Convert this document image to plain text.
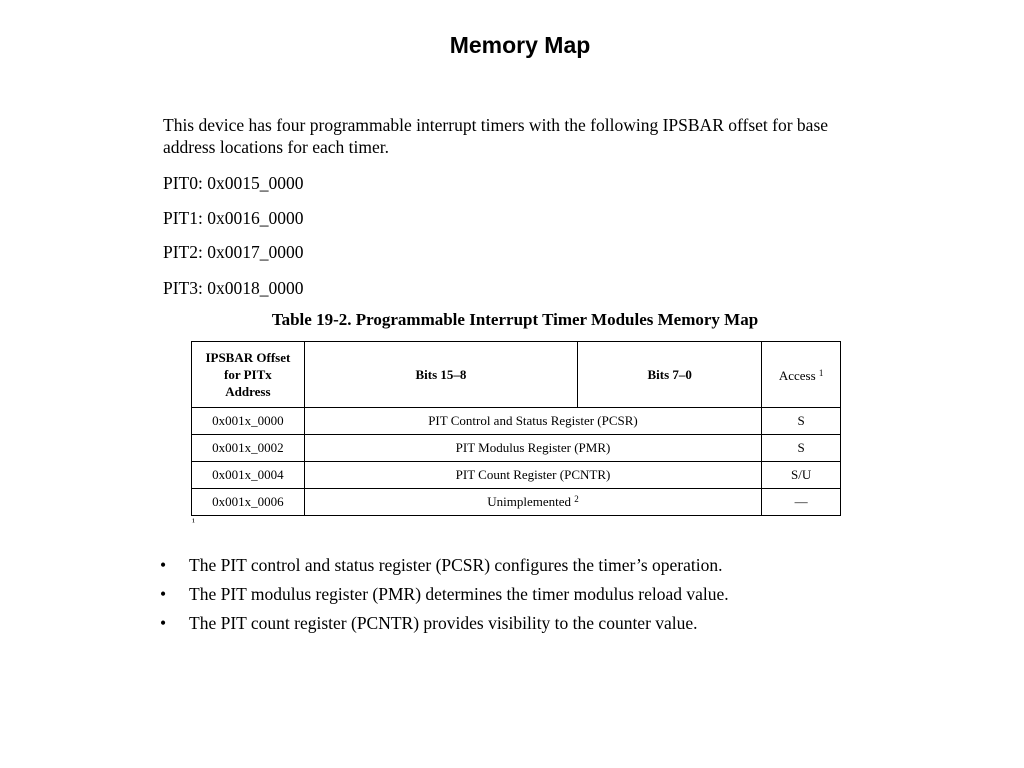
Memory Map

This device has four programmable interrupt timers with the following IPSBAR offset for base address locations for each timer.

PIT0: 0x0015_0000
PIT1: 0x0016_0000
PIT2: 0x0017_0000
PIT3: 0x0018_0000
Table 19-2. Programmable Interrupt Timer Modules Memory Map
IPSBAR Offset
for PITx
Address	Bits 15–8	Bits 7–0	Access $^1$
0x001x_0000	PIT Control and Status Register (PCSR)		S
0x001x_0002	PIT Modulus Register (PMR)		S
0x001x_0004	PIT Count Register (PCNTR)		S/U
0x001x_0006	Unimplemented $^2$		—
¹
• The PIT control and status register (PCSR) configures the timer’s operation.
• The PIT modulus register (PMR) determines the timer modulus reload value.
• The PIT count register (PCNTR) provides visibility to the counter value.
